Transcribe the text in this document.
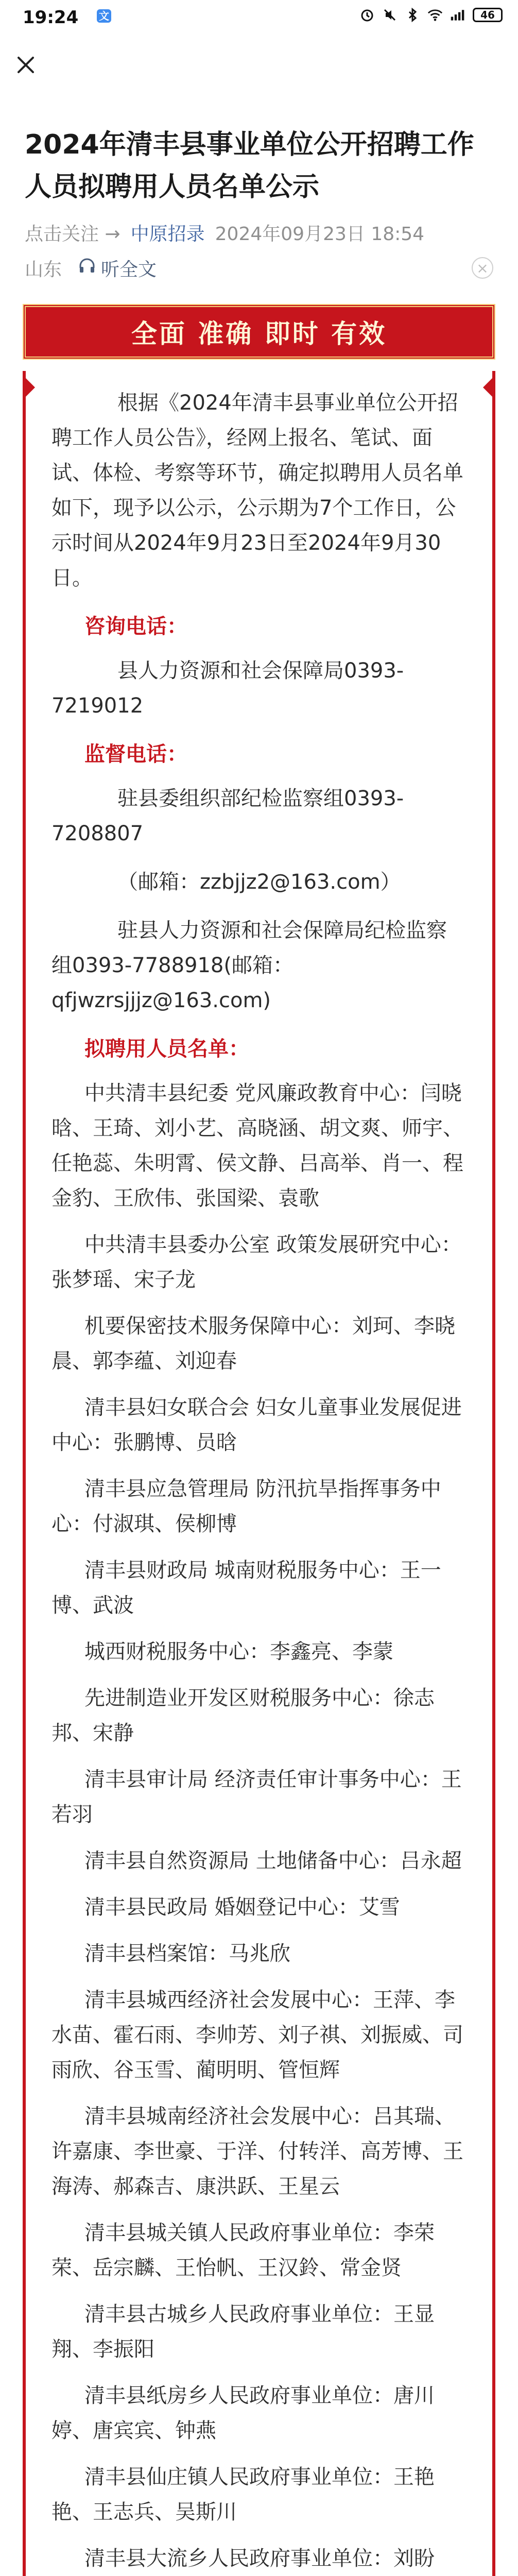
19:24 文	46
2024年清丰县事业单位公开招聘工作人员拟聘用人员名单公示
点击关注 → 中原招录 2024年09月23日 18:54
山东 听全文	×
全面 准确 即时 有效

根据《2024年清丰县事业单位公开招聘工作人员公告》，经网上报名、笔试、面试、体检、考察等环节，确定拟聘用人员名单如下，现予以公示，公示期为7个工作日，公示时间从2024年9月23日至2024年9月30日。

咨询电话：

县人力资源和社会保障局0393-7219012

监督电话：

驻县委组织部纪检监察组0393-7208807

（邮箱：zzbjjz2@163.com）

驻县人力资源和社会保障局纪检监察组0393-7788918(邮箱：qfjwzrsjjjz@163.com)

拟聘用人员名单：

中共清丰县纪委 党风廉政教育中心：闫晓晗、王琦、刘小艺、高晓涵、胡文爽、师宇、任艳蕊、朱明霄、侯文静、吕高举、肖一、程金豹、王欣伟、张国梁、袁歌

中共清丰县委办公室 政策发展研究中心：张梦瑶、宋子龙

机要保密技术服务保障中心：刘珂、李晓晨、郭李蕴、刘迎春

清丰县妇女联合会 妇女儿童事业发展促进中心：张鹏博、员晗

清丰县应急管理局 防汛抗旱指挥事务中心：付淑琪、侯柳博

清丰县财政局 城南财税服务中心：王一博、武波

城西财税服务中心：李鑫亮、李蒙

先进制造业开发区财税服务中心：徐志邦、宋静

清丰县审计局 经济责任审计事务中心：王若羽

清丰县自然资源局 土地储备中心：吕永超

清丰县民政局 婚姻登记中心：艾雪

清丰县档案馆：马兆欣

清丰县城西经济社会发展中心：王萍、李水苗、霍石雨、李帅芳、刘子祺、刘振威、司雨欣、谷玉雪、蔺明明、管恒辉

清丰县城南经济社会发展中心：吕其瑞、许嘉康、李世豪、于洋、付转洋、高芳博、王海涛、郝森吉、康洪跃、王星云

清丰县城关镇人民政府事业单位：李荣荣、岳宗麟、王怡帆、王汉鈴、常金贤

清丰县古城乡人民政府事业单位：王显翔、李振阳

清丰县纸房乡人民政府事业单位：唐川婷、唐宾宾、钟燕

清丰县仙庄镇人民政府事业单位：王艳艳、王志兵、吴斯川

清丰县大流乡人民政府事业单位：刘盼
